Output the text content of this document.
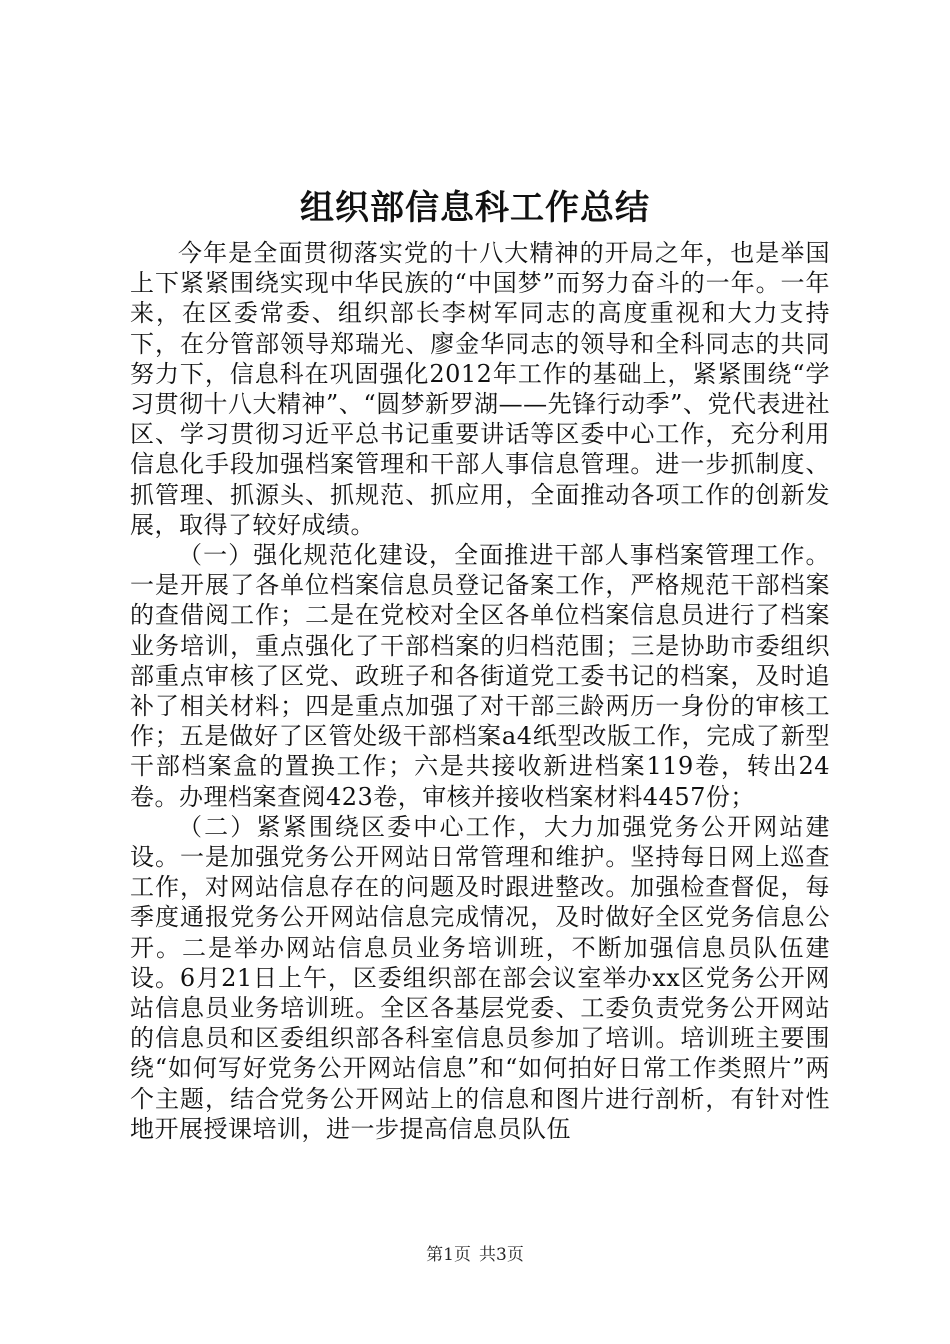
组织部信息科工作总结

今年是全面贯彻落实党的十八大精神的开局之年，也是举国上下紧紧围绕实现中华民族的“中国梦”而努力奋斗的一年。一年来，在区委常委、组织部长李树军同志的高度重视和大力支持下，在分管部领导郑瑞光、廖金华同志的领导和全科同志的共同努力下，信息科在巩固强化2012年工作的基础上，紧紧围绕“学习贯彻十八大精神”、“圆梦新罗湖——先锋行动季”、党代表进社区、学习贯彻习近平总书记重要讲话等区委中心工作，充分利用信息化手段加强档案管理和干部人事信息管理。进一步抓制度、抓管理、抓源头、抓规范、抓应用，全面推动各项工作的创新发展，取得了较好成绩。

（一）强化规范化建设，全面推进干部人事档案管理工作。一是开展了各单位档案信息员登记备案工作，严格规范干部档案的查借阅工作；二是在党校对全区各单位档案信息员进行了档案业务培训，重点强化了干部档案的归档范围；三是协助市委组织部重点审核了区党、政班子和各街道党工委书记的档案，及时追补了相关材料；四是重点加强了对干部三龄两历一身份的审核工作；五是做好了区管处级干部档案a4纸型改版工作，完成了新型干部档案盒的置换工作；六是共接收新进档案119卷，转出24卷。办理档案查阅423卷，审核并接收档案材料4457份；

（二）紧紧围绕区委中心工作，大力加强党务公开网站建设。一是加强党务公开网站日常管理和维护。坚持每日网上巡查工作，对网站信息存在的问题及时跟进整改。加强检查督促，每季度通报党务公开网站信息完成情况，及时做好全区党务信息公开。二是举办网站信息员业务培训班，不断加强信息员队伍建设。6月21日上午，区委组织部在部会议室举办xx区党务公开网站信息员业务培训班。全区各基层党委、工委负责党务公开网站的信息员和区委组织部各科室信息员参加了培训。培训班主要围绕“如何写好党务公开网站信息”和“如何拍好日常工作类照片”两个主题，结合党务公开网站上的信息和图片进行剖析，有针对性地开展授课培训，进一步提高信息员队伍

第1页 共3页
